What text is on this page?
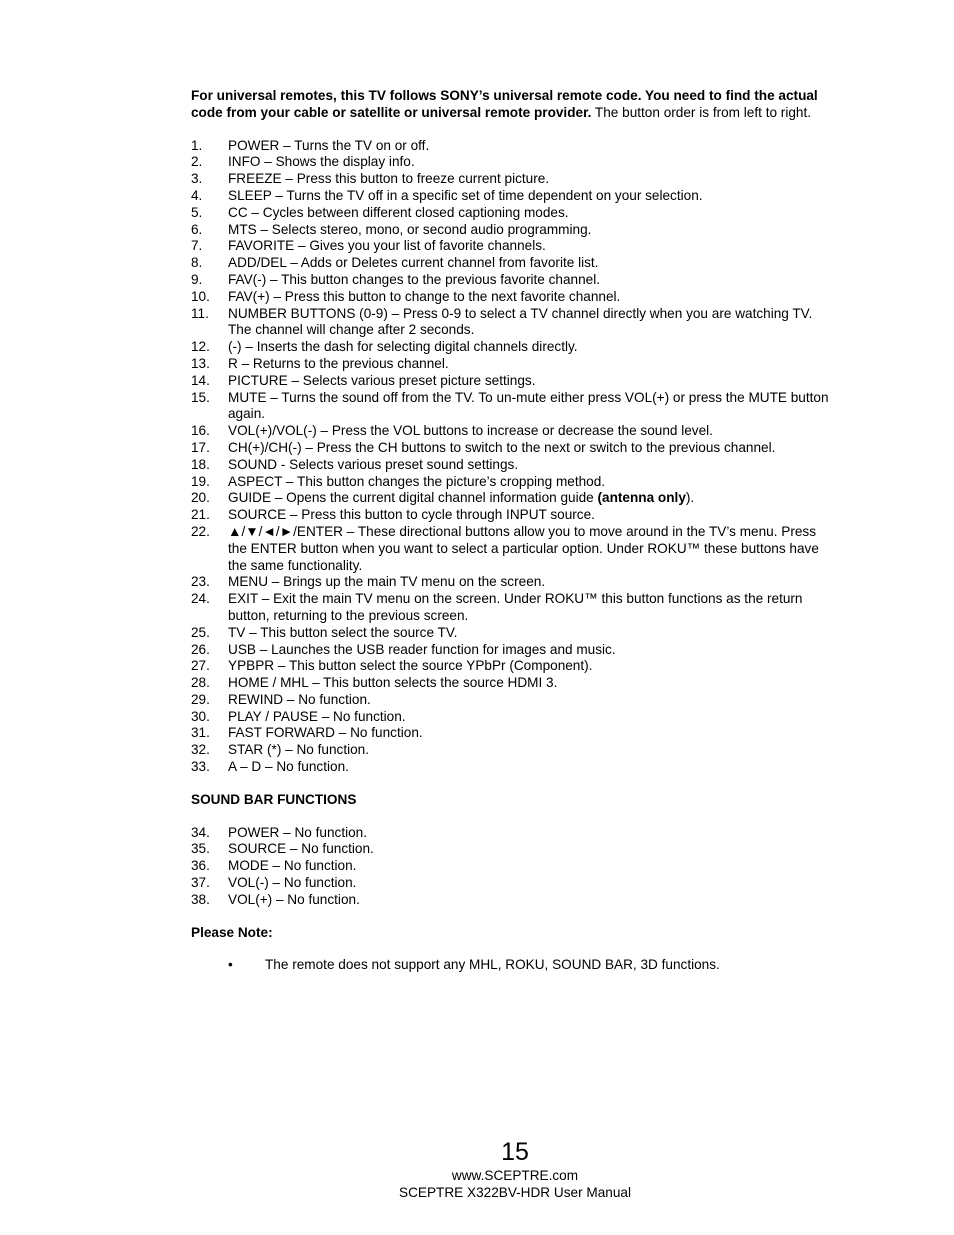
For universal remotes, this TV follows SONY’s universal remote code. You need to find the actual code from your cable or satellite or universal remote provider. The button order is from left to right.

1. POWER – Turns the TV on or off.
2. INFO – Shows the display info.
3. FREEZE – Press this button to freeze current picture.
4. SLEEP – Turns the TV off in a specific set of time dependent on your selection.
5. CC – Cycles between different closed captioning modes.
6. MTS – Selects stereo, mono, or second audio programming.
7. FAVORITE – Gives you your list of favorite channels.
8. ADD/DEL – Adds or Deletes current channel from favorite list.
9. FAV(-) – This button changes to the previous favorite channel.
10. FAV(+) – Press this button to change to the next favorite channel.
11. NUMBER BUTTONS (0-9) – Press 0-9 to select a TV channel directly when you are watching TV. The channel will change after 2 seconds.
12. (-) – Inserts the dash for selecting digital channels directly.
13. R – Returns to the previous channel.
14. PICTURE – Selects various preset picture settings.
15. MUTE – Turns the sound off from the TV. To un-mute either press VOL(+) or press the MUTE button again.
16. VOL(+)/VOL(-) – Press the VOL buttons to increase or decrease the sound level.
17. CH(+)/CH(-) – Press the CH buttons to switch to the next or switch to the previous channel.
18. SOUND - Selects various preset sound settings.
19. ASPECT – This button changes the picture’s cropping method.
20. GUIDE – Opens the current digital channel information guide (antenna only).
21. SOURCE – Press this button to cycle through INPUT source.
22. ▲/▼/◄/►/ENTER – These directional buttons allow you to move around in the TV’s menu. Press the ENTER button when you want to select a particular option. Under ROKU™ these buttons have the same functionality.
23. MENU – Brings up the main TV menu on the screen.
24. EXIT – Exit the main TV menu on the screen. Under ROKU™ this button functions as the return button, returning to the previous screen.
25. TV – This button select the source TV.
26. USB – Launches the USB reader function for images and music.
27. YPBPR – This button select the source YPbPr (Component).
28. HOME / MHL – This button selects the source HDMI 3.
29. REWIND – No function.
30. PLAY / PAUSE – No function.
31. FAST FORWARD – No function.
32. STAR (*) – No function.
33. A – D – No function.
SOUND BAR FUNCTIONS
34. POWER – No function.
35. SOURCE – No function.
36. MODE – No function.
37. VOL(-) – No function.
38. VOL(+) – No function.
Please Note:
• The remote does not support any MHL, ROKU, SOUND BAR, 3D functions.
15
www.SCEPTRE.com
SCEPTRE X322BV-HDR User Manual
